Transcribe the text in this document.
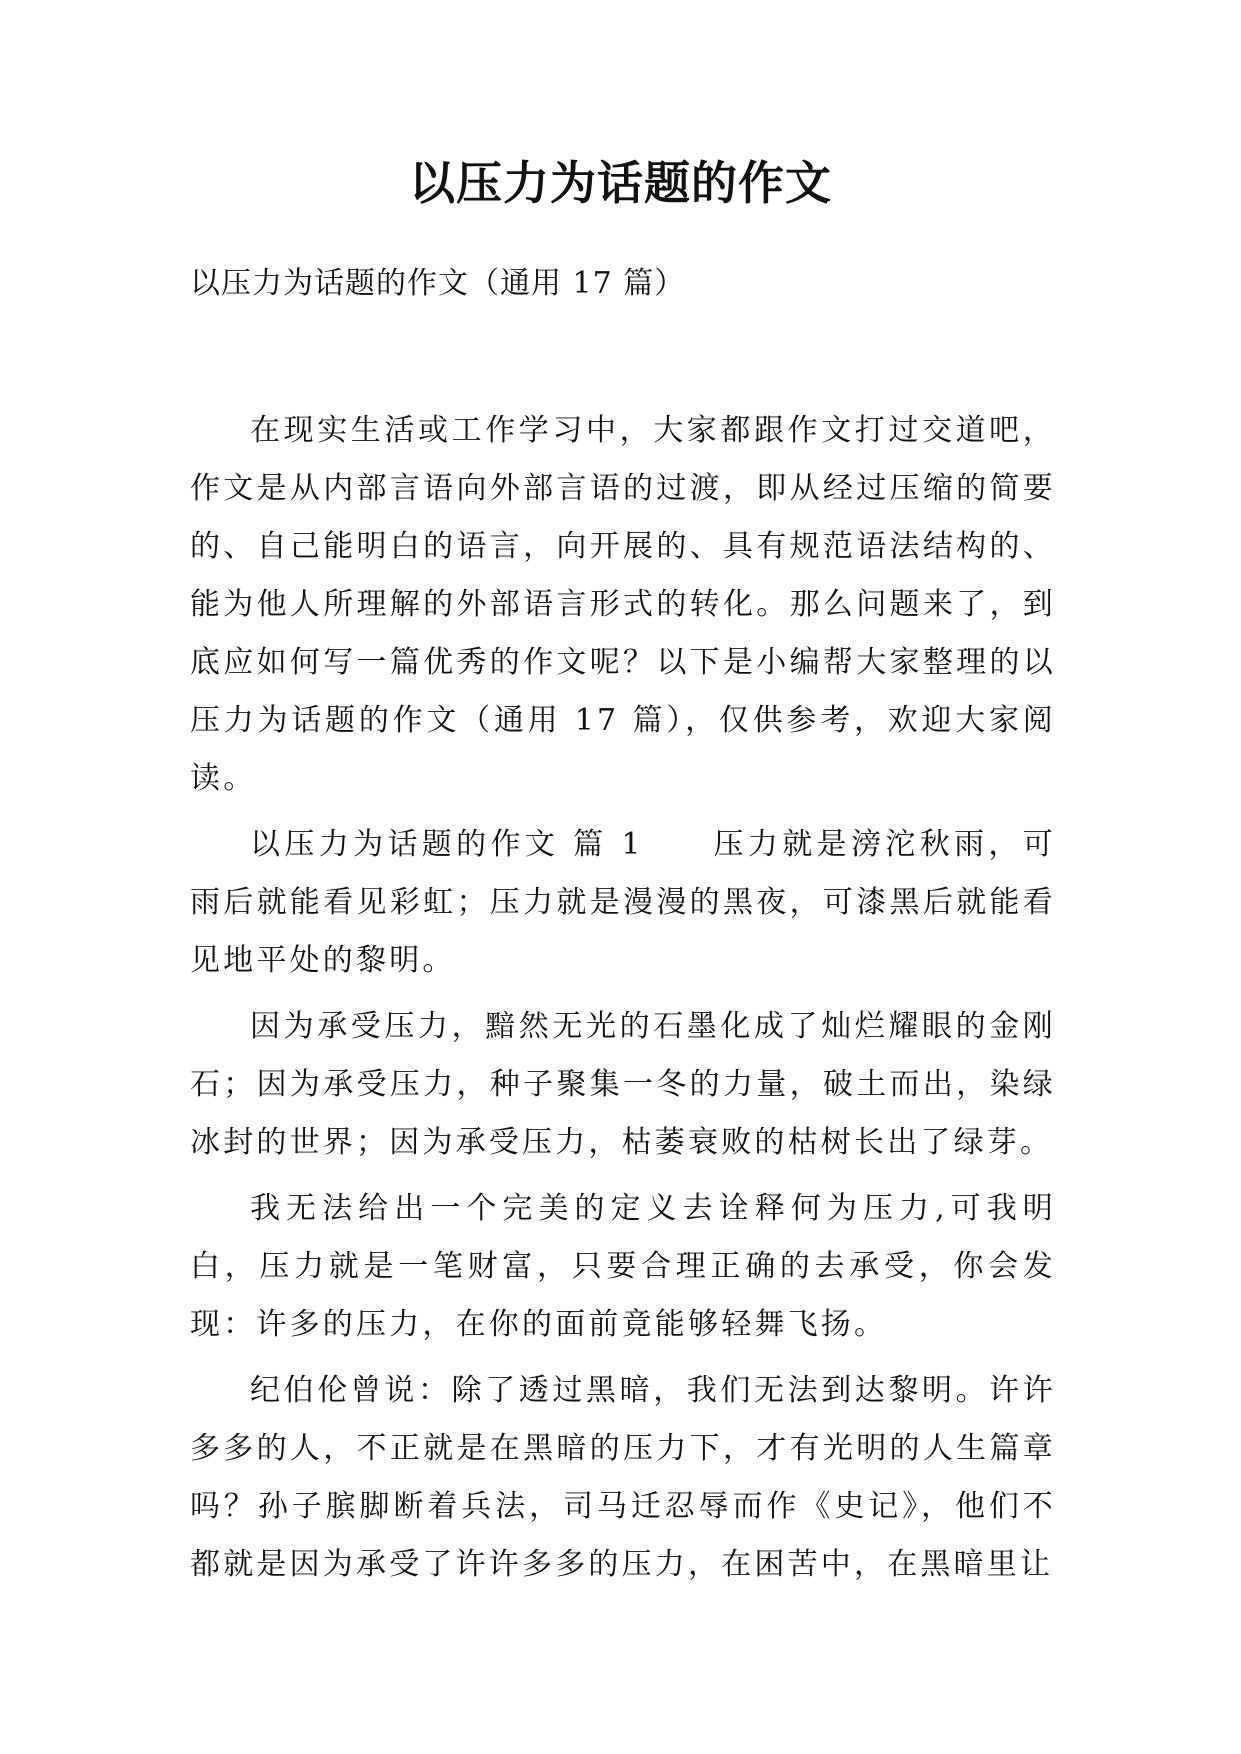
以压力为话题的作文

以压力为话题的作文（通用 17 篇）

在现实生活或工作学习中，大家都跟作文打过交道吧，作文是从内部言语向外部言语的过渡，即从经过压缩的简要的、自己能明白的语言，向开展的、具有规范语法结构的、能为他人所理解的外部语言形式的转化。那么问题来了，到底应如何写一篇优秀的作文呢？以下是小编帮大家整理的以压力为话题的作文（通用 17 篇），仅供参考，欢迎大家阅读。

以压力为话题的作文 篇 1　　压力就是滂沱秋雨，可雨后就能看见彩虹；压力就是漫漫的黑夜，可漆黑后就能看见地平处的黎明。

因为承受压力，黯然无光的石墨化成了灿烂耀眼的金刚石；因为承受压力，种子聚集一冬的力量，破土而出，染绿冰封的世界；因为承受压力，枯萎衰败的枯树长出了绿芽。

我无法给出一个完美的定义去诠释何为压力,可我明白，压力就是一笔财富，只要合理正确的去承受，你会发现：许多的压力，在你的面前竟能够轻舞飞扬。

纪伯伦曾说：除了透过黑暗，我们无法到达黎明。许许多多的人，不正就是在黑暗的压力下，才有光明的人生篇章吗？孙子膑脚断着兵法，司马迁忍辱而作《史记》，他们不都就是因为承受了许许多多的压力，在困苦中，在黑暗里让
